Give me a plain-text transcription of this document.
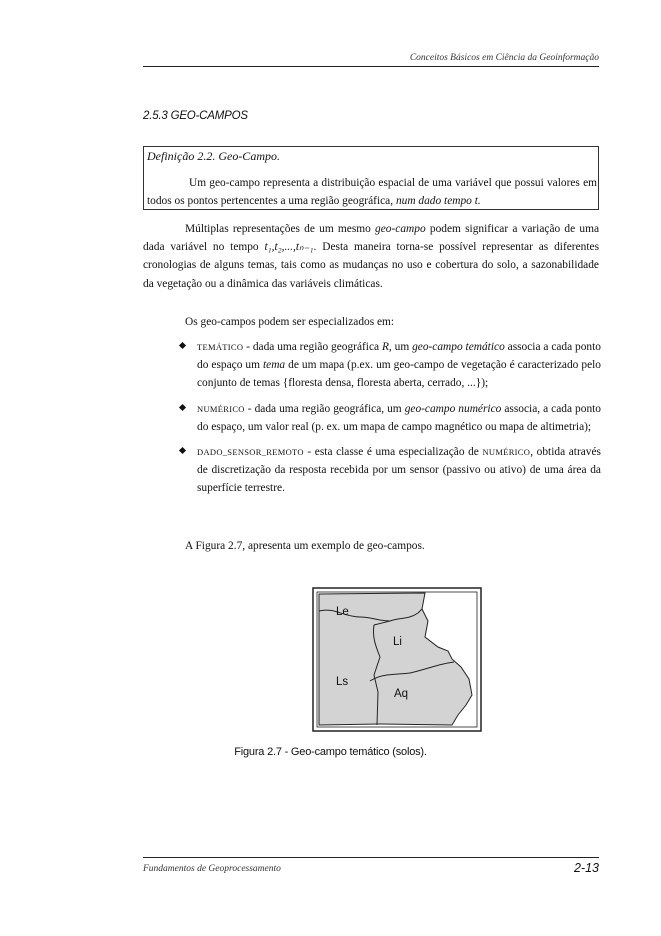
Conceitos Básicos em Ciência da Geoinformação
2.5.3 GEO-CAMPOS
Definição 2.2. Geo-Campo.
Um geo-campo representa a distribuição espacial de uma variável que possui valores em todos os pontos pertencentes a uma região geográfica, num dado tempo t.
Múltiplas representações de um mesmo geo-campo podem significar a variação de uma dada variável no tempo t₁,t₂,...,tₙ₋₁. Desta maneira torna-se possível representar as diferentes cronologias de alguns temas, tais como as mudanças no uso e cobertura do solo, a sazonabilidade da vegetação ou a dinâmica das variáveis climáticas.
Os geo-campos podem ser especializados em:
TEMÁTICO - dada uma região geográfica R, um geo-campo temático associa a cada ponto do espaço um tema de um mapa (p.ex. um geo-campo de vegetação é caracterizado pelo conjunto de temas {floresta densa, floresta aberta, cerrado, ...});
NUMÉRICO - dada uma região geográfica, um geo-campo numérico associa, a cada ponto do espaço, um valor real (p. ex. um mapa de campo magnético ou mapa de altimetria);
DADO_SENSOR_REMOTO - esta classe é uma especialização de NUMÉRICO, obtida através de discretização da resposta recebida por um sensor (passivo ou ativo) de uma área da superfície terrestre.
A Figura 2.7, apresenta um exemplo de geo-campos.
Le
Li
Ls
Aq
Figura 2.7 - Geo-campo temático (solos).
Fundamentos de Geoprocessamento	2-13
